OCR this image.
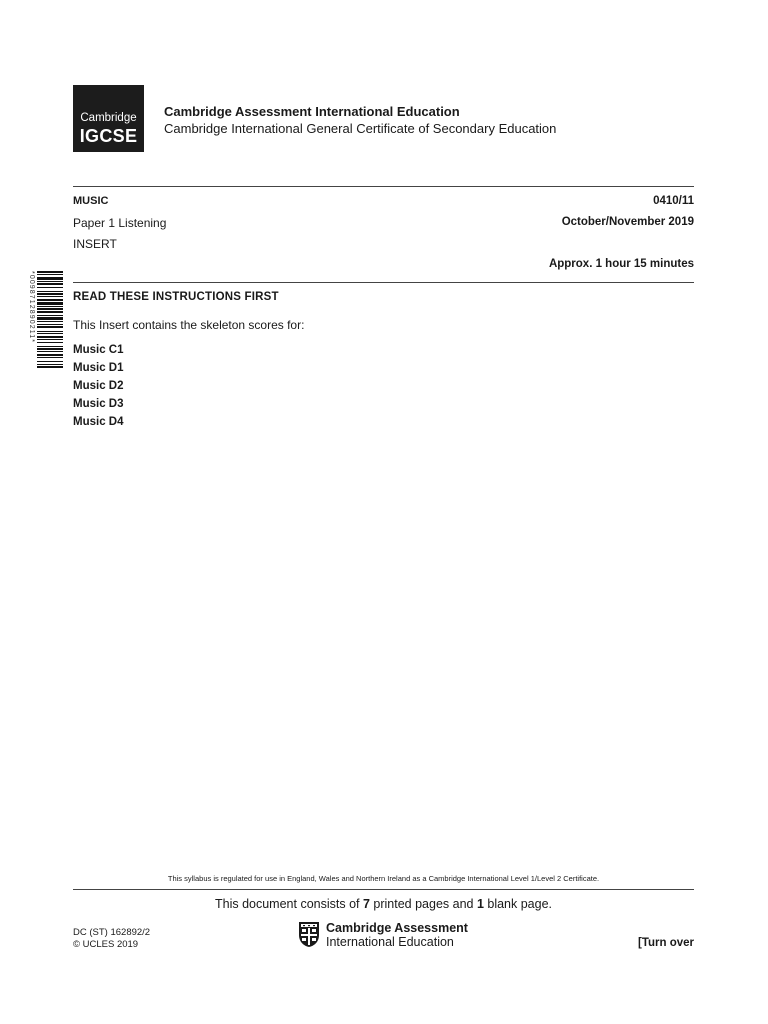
Cambridge
IGCSE
Cambridge Assessment International Education
Cambridge International General Certificate of Secondary Education
MUSIC	0410/11
Paper 1 Listening	October/November 2019
INSERT
Approx. 1 hour 15 minutes
*0098712890211*	READ THESE INSTRUCTIONS FIRST
This Insert contains the skeleton scores for:
Music C1
Music D1
Music D2
Music D3
Music D4
This syllabus is regulated for use in England, Wales and Northern Ireland as a Cambridge International Level 1/Level 2 Certificate.
This document consists of 7 printed pages and 1 blank page.
DC (ST) 162892/2
© UCLES 2019
Cambridge Assessment
International Education	[Turn over
